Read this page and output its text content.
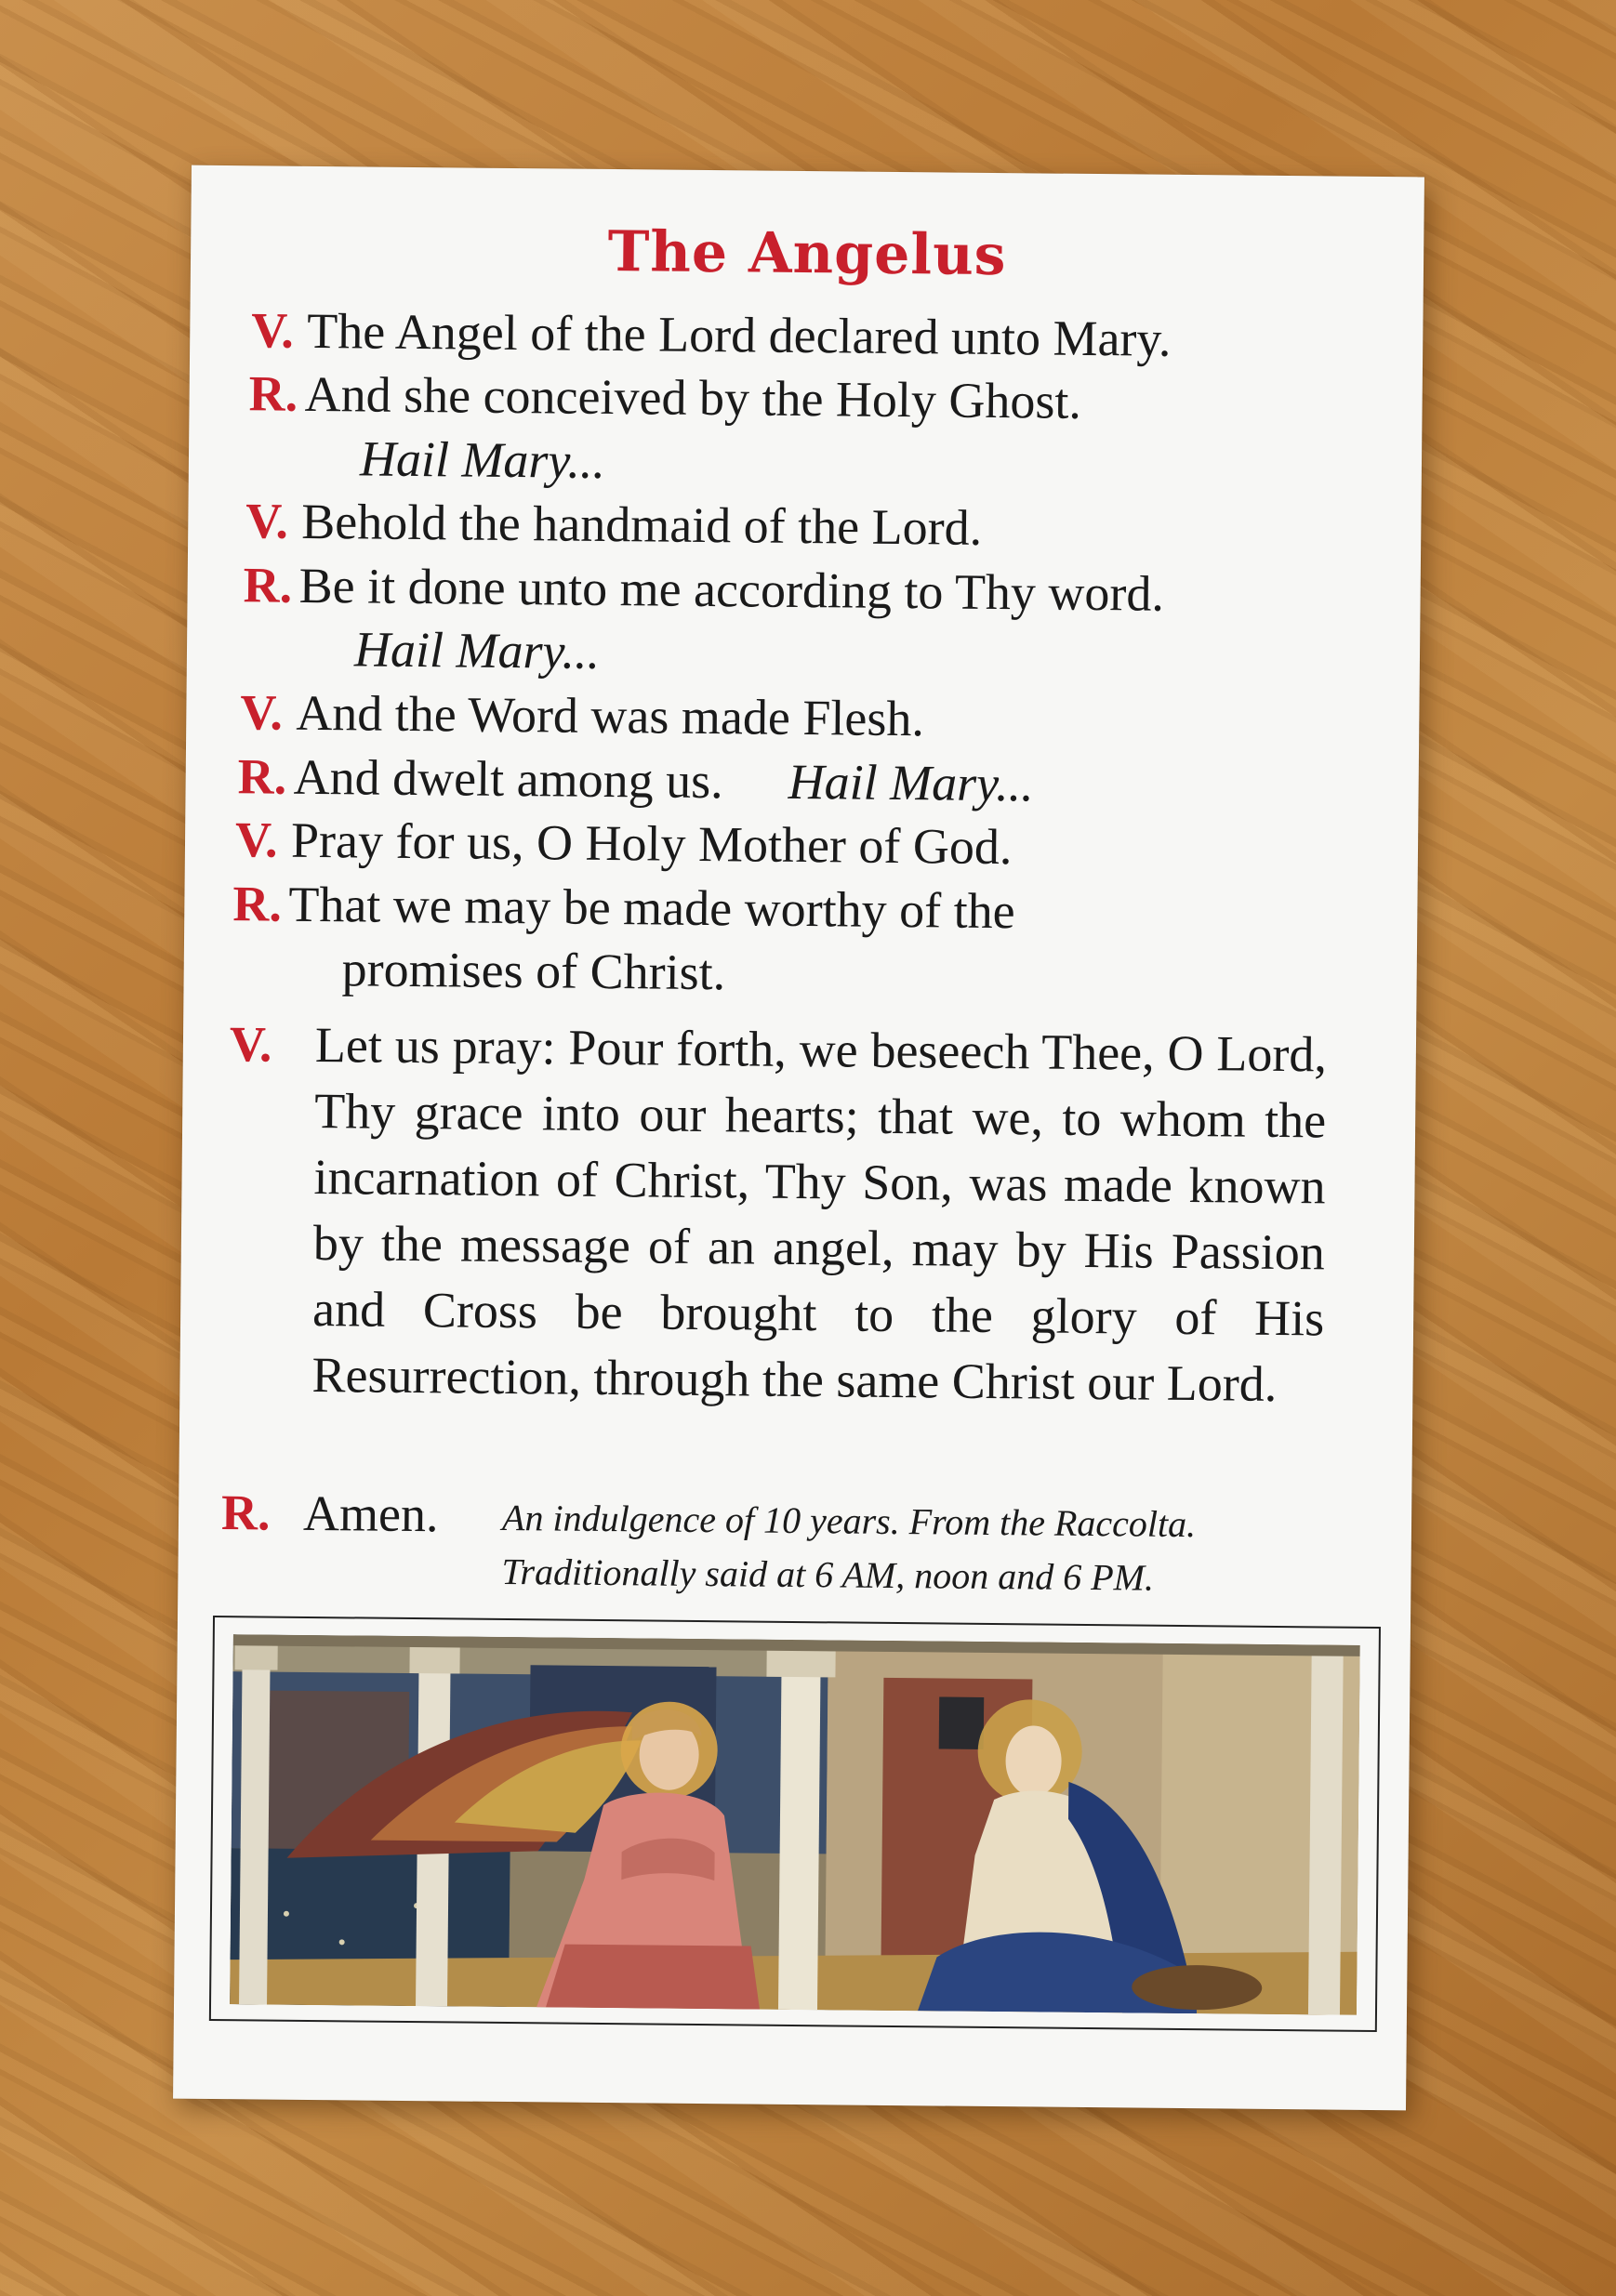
The Angelus
V. The Angel of the Lord declared unto Mary.
R. And she conceived by the Holy Ghost.
Hail Mary...
V. Behold the handmaid of the Lord.
R. Be it done unto me according to Thy word.
Hail Mary...
V. And the Word was made Flesh.
R. And dwelt among us. Hail Mary...
V. Pray for us, O Holy Mother of God.
R. That we may be made worthy of the
promises of Christ.
V. Let us pray: Pour forth, we beseech Thee, O Lord, Thy grace into our hearts; that we, to whom the incarnation of Christ, Thy Son, was made known by the message of an angel, may by His Passion and Cross be brought to the glory of His Resurrection, through the same Christ our Lord.
R. Amen. An indulgence of 10 years. From the Raccolta.
Traditionally said at 6 AM, noon and 6 PM.
